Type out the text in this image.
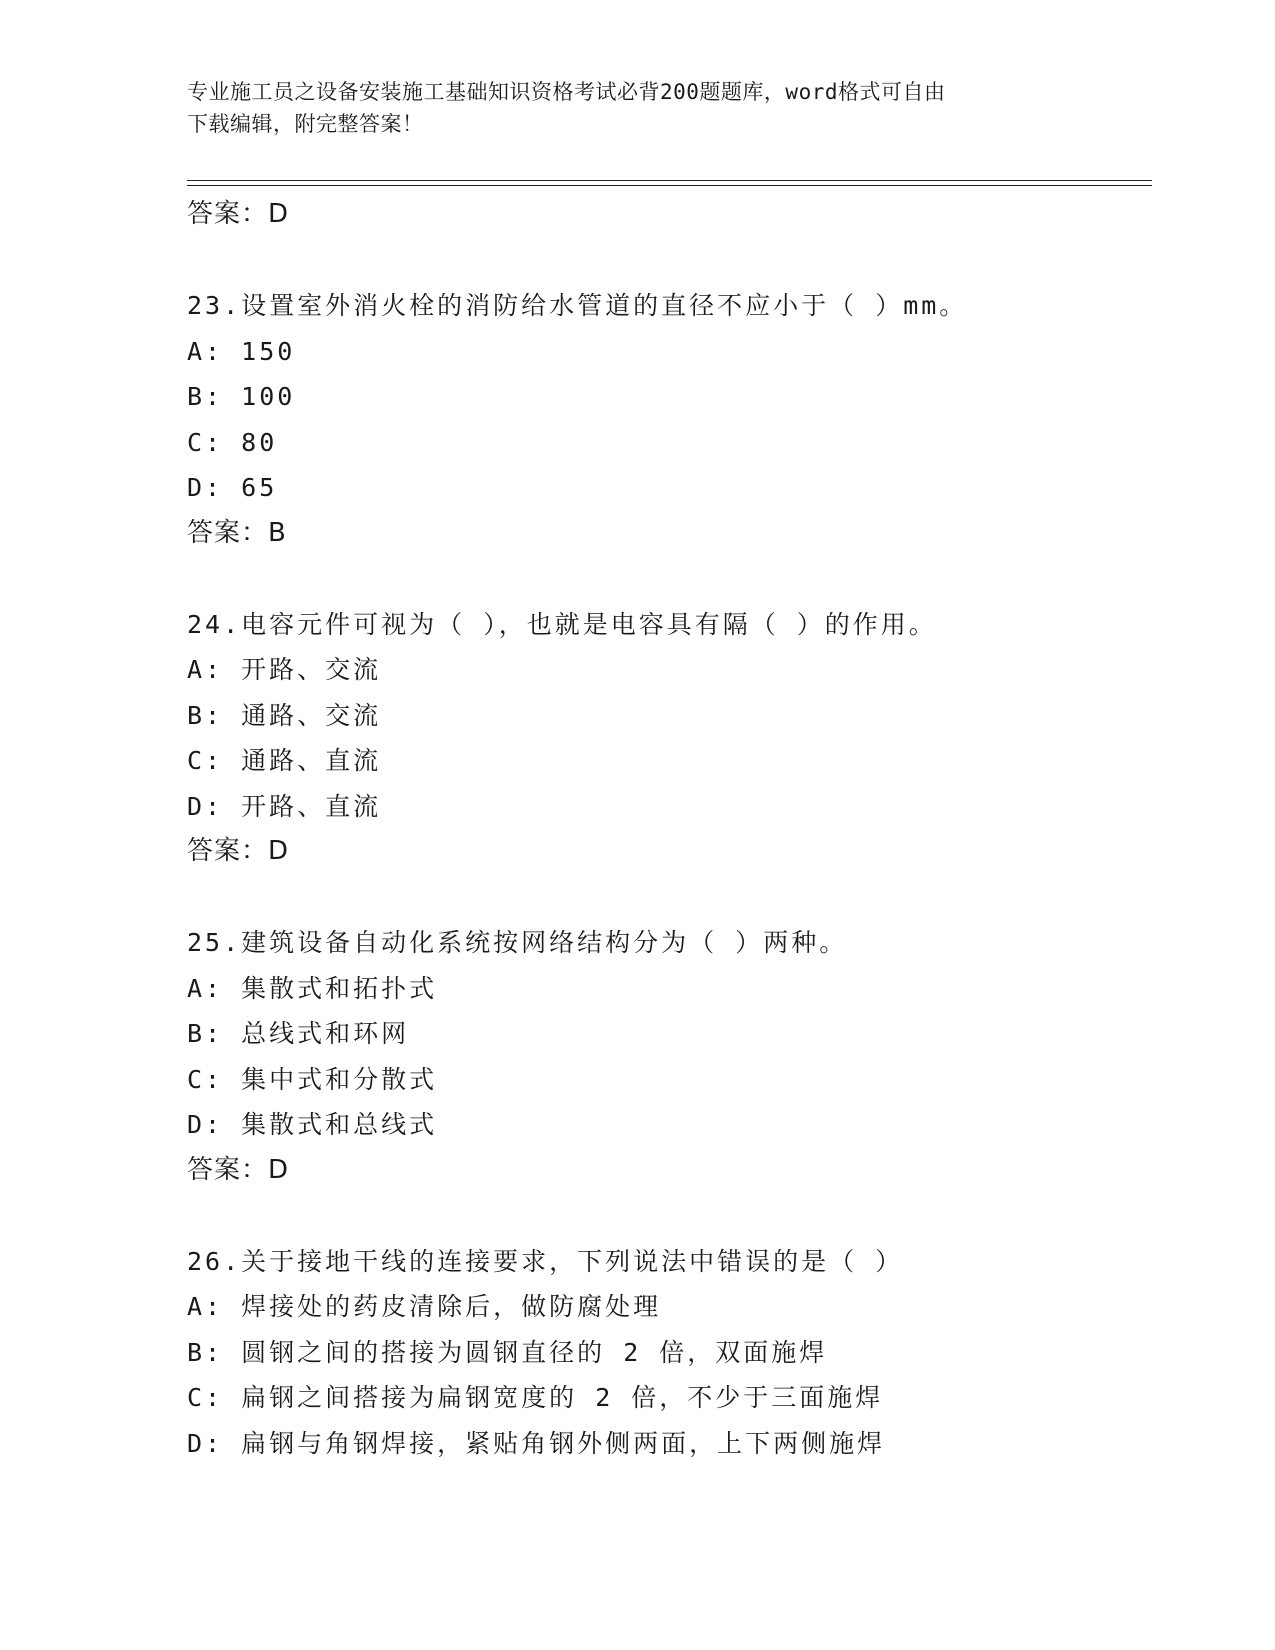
专业施工员之设备安装施工基础知识资格考试必背200题题库，word格式可自由
下载编辑，附完整答案！
答案：D
23.设置室外消火栓的消防给水管道的直径不应小于（ ）mm。
A: 150
B: 100
C: 80
D: 65
答案：B
24.电容元件可视为（ ），也就是电容具有隔（ ）的作用。
A: 开路、交流
B: 通路、交流
C: 通路、直流
D: 开路、直流
答案：D
25.建筑设备自动化系统按网络结构分为（ ）两种。
A: 集散式和拓扑式
B: 总线式和环网
C: 集中式和分散式
D: 集散式和总线式
答案：D
26.关于接地干线的连接要求，下列说法中错误的是（ ）
A: 焊接处的药皮清除后，做防腐处理
B: 圆钢之间的搭接为圆钢直径的 2 倍，双面施焊
C: 扁钢之间搭接为扁钢宽度的 2 倍，不少于三面施焊
D: 扁钢与角钢焊接，紧贴角钢外侧两面，上下两侧施焊
